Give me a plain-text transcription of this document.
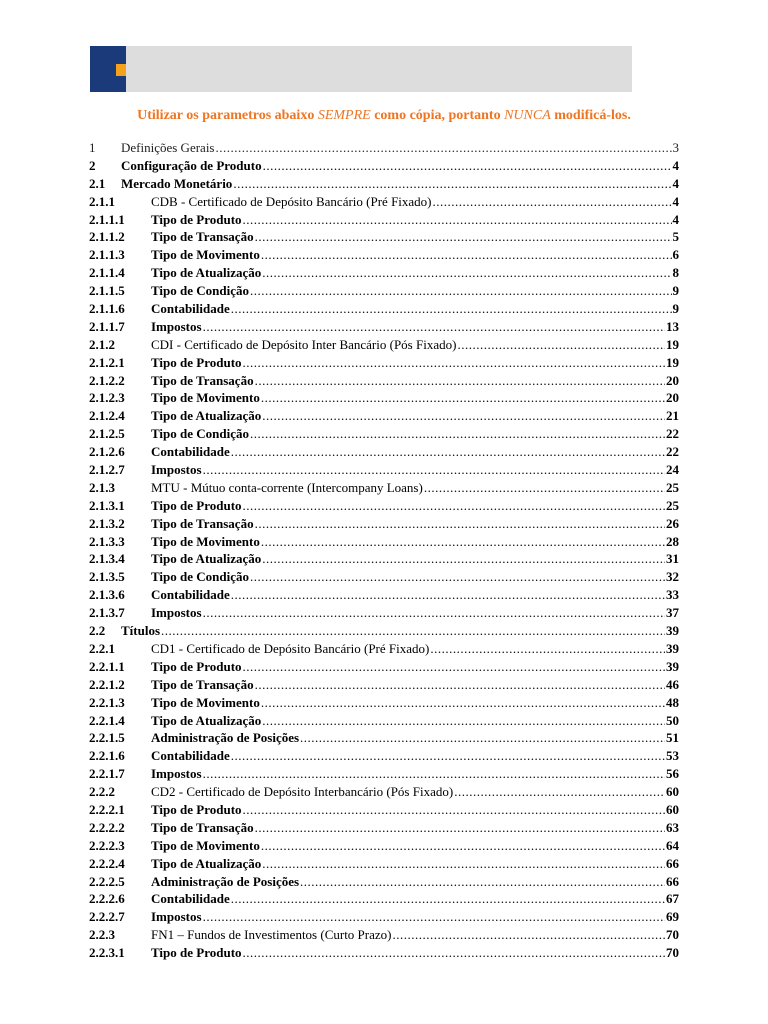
Utilizar os parametros abaixo SEMPRE como cópia, portanto NUNCA modificá-los.
1	Definições Gerais .....	3
2	Configuração de Produto .....	4
2.1	Mercado Monetário .....	4
2.1.1	CDB - Certificado de Depósito Bancário (Pré Fixado) .....	4
2.1.1.1	Tipo de Produto .....	4
2.1.1.2	Tipo de Transação .....	5
2.1.1.3	Tipo de Movimento .....	6
2.1.1.4	Tipo de Atualização .....	8
2.1.1.5	Tipo de Condição .....	9
2.1.1.6	Contabilidade .....	9
2.1.1.7	Impostos .....	13
2.1.2	CDI - Certificado de Depósito Inter Bancário (Pós Fixado) .....	19
2.1.2.1	Tipo de Produto .....	19
2.1.2.2	Tipo de Transação .....	20
2.1.2.3	Tipo de Movimento .....	20
2.1.2.4	Tipo de Atualização .....	21
2.1.2.5	Tipo de Condição .....	22
2.1.2.6	Contabilidade .....	22
2.1.2.7	Impostos .....	24
2.1.3	MTU - Mútuo conta-corrente (Intercompany Loans) .....	25
2.1.3.1	Tipo de Produto .....	25
2.1.3.2	Tipo de Transação .....	26
2.1.3.3	Tipo de Movimento .....	28
2.1.3.4	Tipo de Atualização .....	31
2.1.3.5	Tipo de Condição .....	32
2.1.3.6	Contabilidade .....	33
2.1.3.7	Impostos .....	37
2.2	Títulos .....	39
2.2.1	CD1 - Certificado de Depósito Bancário (Pré Fixado) .....	39
2.2.1.1	Tipo de Produto .....	39
2.2.1.2	Tipo de Transação .....	46
2.2.1.3	Tipo de Movimento .....	48
2.2.1.4	Tipo de Atualização .....	50
2.2.1.5	Administração de Posições .....	51
2.2.1.6	Contabilidade .....	53
2.2.1.7	Impostos .....	56
2.2.2	CD2 - Certificado de Depósito Interbancário (Pós Fixado) .....	60
2.2.2.1	Tipo de Produto .....	60
2.2.2.2	Tipo de Transação .....	63
2.2.2.3	Tipo de Movimento .....	64
2.2.2.4	Tipo de Atualização .....	66
2.2.2.5	Administração de Posições .....	66
2.2.2.6	Contabilidade .....	67
2.2.2.7	Impostos .....	69
2.2.3	FN1 – Fundos de Investimentos (Curto Prazo) .....	70
2.2.3.1	Tipo de Produto .....	70
